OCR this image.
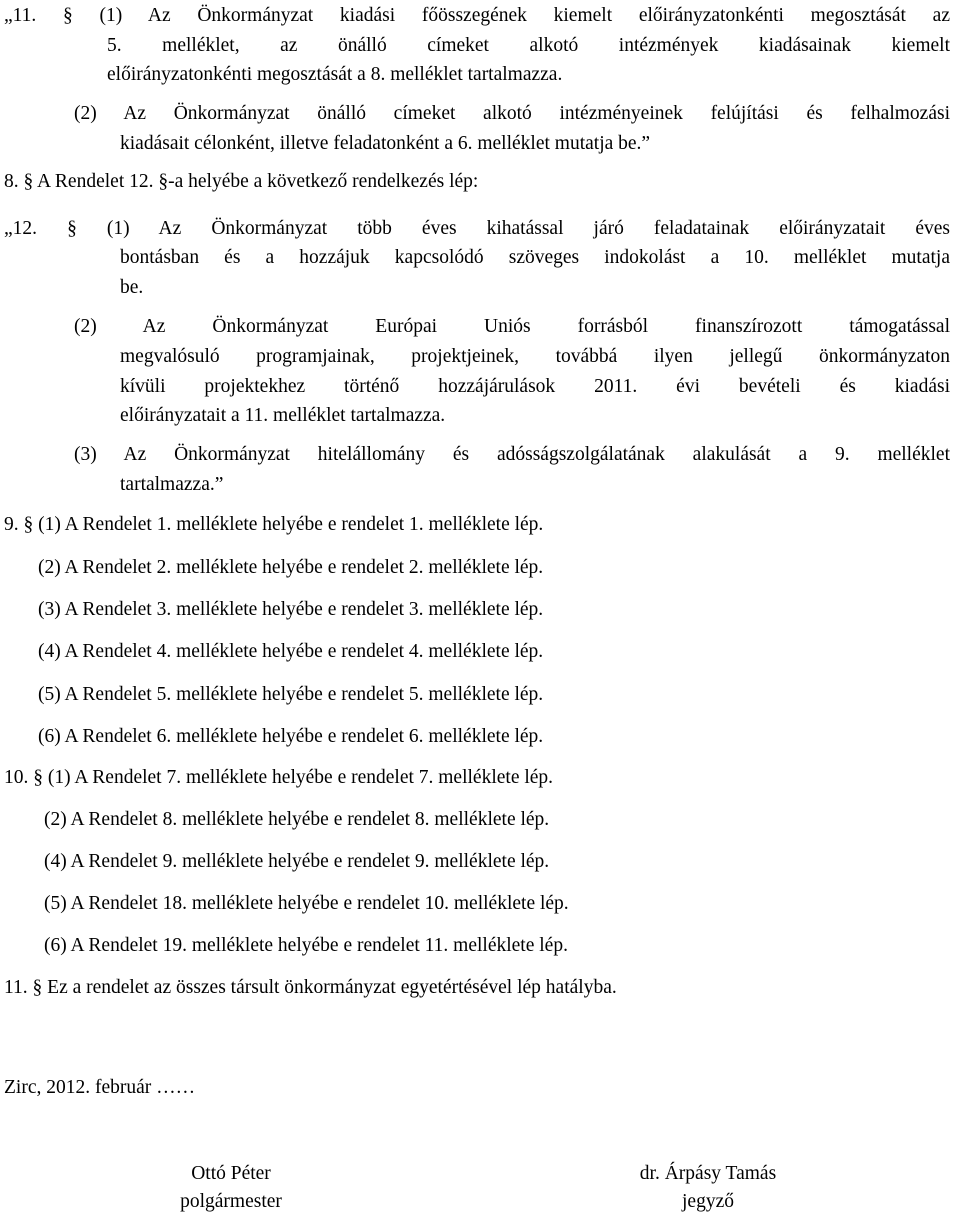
„11. § (1) Az Önkormányzat kiadási főösszegének kiemelt előirányzatonkénti megosztását az
5. melléklet, az önálló címeket alkotó intézmények kiadásainak kiemelt
előirányzatonkénti megosztását a 8. melléklet tartalmazza.
(2) Az Önkormányzat önálló címeket alkotó intézményeinek felújítási és felhalmozási
kiadásait célonként, illetve feladatonként a 6. melléklet mutatja be.”
8. § A Rendelet 12. §-a helyébe a következő rendelkezés lép:
„12. § (1) Az Önkormányzat több éves kihatással járó feladatainak előirányzatait éves
bontásban és a hozzájuk kapcsolódó szöveges indokolást a 10. melléklet mutatja
be.
(2) Az Önkormányzat Európai Uniós forrásból finanszírozott támogatással
megvalósuló programjainak, projektjeinek, továbbá ilyen jellegű önkormányzaton
kívüli projektekhez történő hozzájárulások 2011. évi bevételi és kiadási
előirányzatait a 11. melléklet tartalmazza.
(3) Az Önkormányzat hitelállomány és adósságszolgálatának alakulását a 9. melléklet
tartalmazza.”
9. § (1) A Rendelet 1. melléklete helyébe e rendelet 1. melléklete lép.
(2) A Rendelet 2. melléklete helyébe e rendelet 2. melléklete lép.
(3) A Rendelet 3. melléklete helyébe e rendelet 3. melléklete lép.
(4) A Rendelet 4. melléklete helyébe e rendelet 4. melléklete lép.
(5) A Rendelet 5. melléklete helyébe e rendelet 5. melléklete lép.
(6) A Rendelet 6. melléklete helyébe e rendelet 6. melléklete lép.
10. § (1) A Rendelet 7. melléklete helyébe e rendelet 7. melléklete lép.
(2) A Rendelet 8. melléklete helyébe e rendelet 8. melléklete lép.
(4) A Rendelet 9. melléklete helyébe e rendelet 9. melléklete lép.
(5) A Rendelet 18. melléklete helyébe e rendelet 10. melléklete lép.
(6) A Rendelet 19. melléklete helyébe e rendelet 11. melléklete lép.
11. § Ez a rendelet az összes társult önkormányzat egyetértésével lép hatályba.
Zirc, 2012. február ……
Ottó Péter
polgármester
dr. Árpásy Tamás
jegyző
